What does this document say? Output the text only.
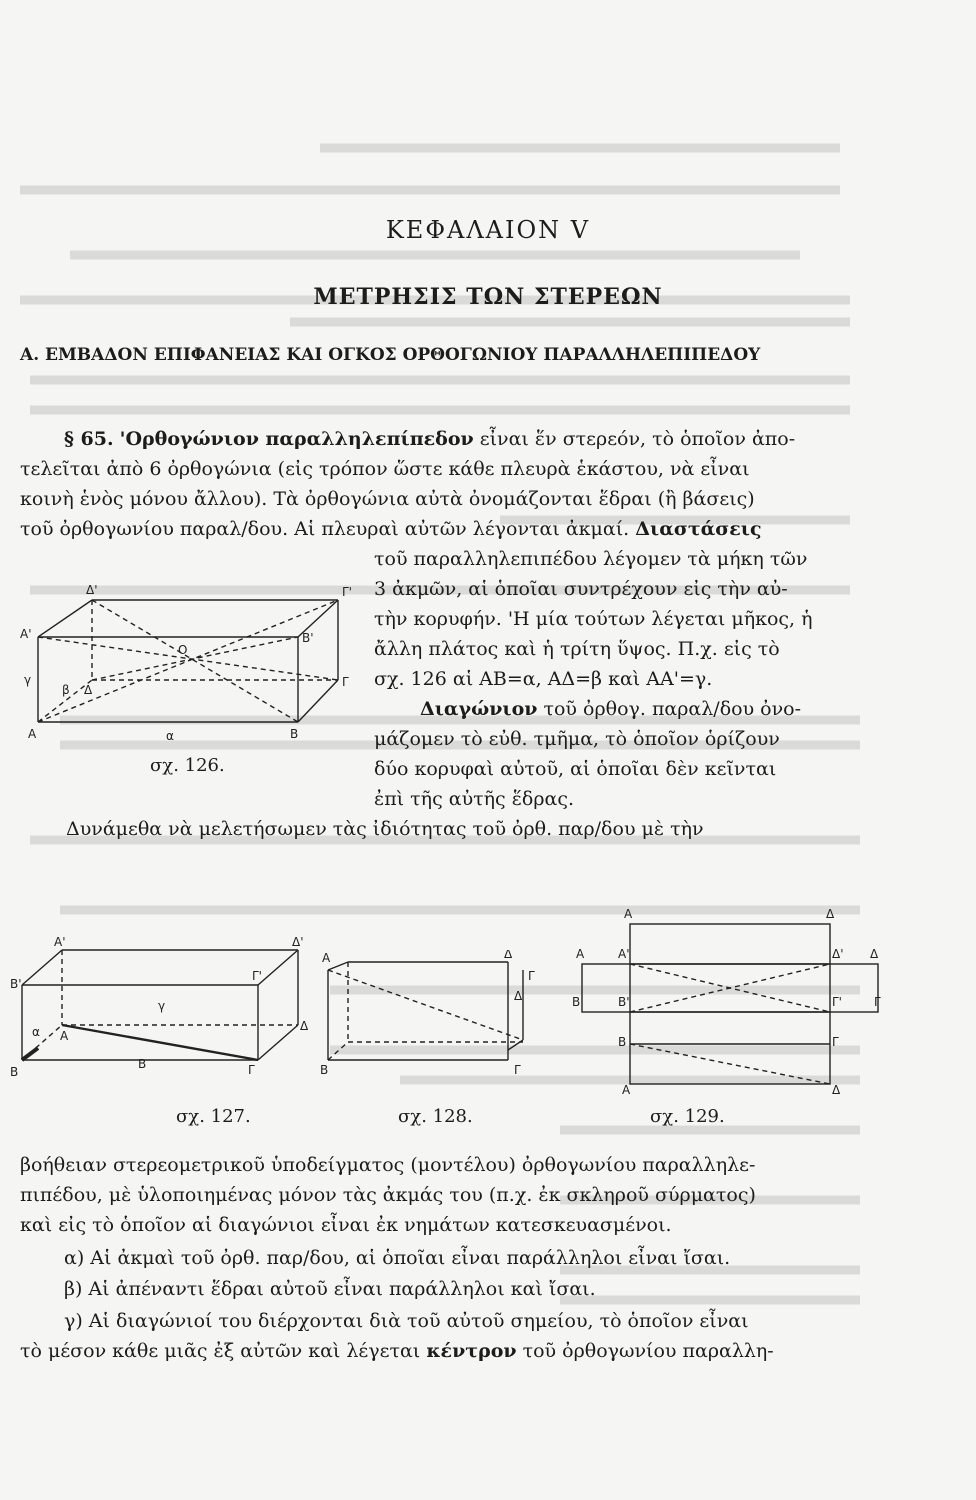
ΚΕΦΑΛΑΙΟΝ V
ΜΕΤΡΗΣΙΣ ΤΩΝ ΣΤΕΡΕΩΝ
Α. ΕΜΒΑΔΟΝ ΕΠΙΦΑΝΕΙΑΣ ΚΑΙ ΟΓΚΟΣ ΟΡΘΟΓΩΝΙΟΥ ΠΑΡΑΛΛΗΛΕΠΙΠΕΔΟΥ
§ 65. 'Ορθογώνιον παραλληλεπίπεδον εἶναι ἕν στερεόν, τὸ ὁποῖον ἀπο-
τελεῖται ἀπὸ 6 ὀρθογώνια (εἰς τρόπον ὥστε κάθε πλευρὰ ἑκάστου, νὰ εἶναι
κοινὴ ἑνὸς μόνου ἄλλου). Τὰ ὀρθογώνια αὐτὰ ὀνομάζονται ἕδραι (ἢ βάσεις)
τοῦ ὀρθογωνίου παραλ/δου. Αἱ πλευραὶ αὐτῶν λέγονται ἀκμαί. Διαστάσεις
τοῦ παραλληλεπιπέδου λέγομεν τὰ μήκη τῶν
3 ἀκμῶν, αἱ ὁποῖαι συντρέχουν εἰς τὴν αὐ-
τὴν κορυφήν. 'Η μία τούτων λέγεται μῆκος, ἡ
ἄλλη πλάτος καὶ ἡ τρίτη ὕψος. Π.χ. εἰς τὸ
σχ. 126 αἱ ΑΒ=α, ΑΔ=β καὶ ΑΑ'=γ.
Διαγώνιον τοῦ ὀρθογ. παραλ/δου ὀνο-
μάζομεν τὸ εὐθ. τμῆμα, τὸ ὁποῖον ὁρίζουν
δύο κορυφαὶ αὐτοῦ, αἱ ὁποῖαι δὲν κεῖνται
ἐπὶ τῆς αὐτῆς ἕδρας.
Δυνάμεθα νὰ μελετήσωμεν τὰς ἰδιότητας τοῦ ὀρθ. παρ/δου μὲ τὴν
Δ'	Γ'
Α'
Ο
Β'
γ
Δ
Γ
Α	α	Β
β
σχ. 126.
Α'	Δ'
Γ'
Β'
Δ
Γ
α Α
Β
Β
γ
σχ. 127.
Α	Δ
Δ
Γ
Β	Γ
σχ. 128.
Α	Δ
Α	Α'	Δ' Δ
Β	Β'	Γ'	Γ
Β	Γ
Α	Δ
σχ. 129.
βοήθειαν στερεομετρικοῦ ὑποδείγματος (μοντέλου) ὀρθογωνίου παραλληλε-
πιπέδου, μὲ ὑλοποιημένας μόνον τὰς ἀκμάς του (π.χ. ἐκ σκληροῦ σύρματος)
καὶ εἰς τὸ ὁποῖον αἱ διαγώνιοι εἶναι ἐκ νημάτων κατεσκευασμένοι.
α) Αἱ ἀκμαὶ τοῦ ὀρθ. παρ/δου, αἱ ὁποῖαι εἶναι παράλληλοι εἶναι ἴσαι.
β) Αἱ ἀπέναντι ἕδραι αὐτοῦ εἶναι παράλληλοι καὶ ἴσαι.
γ) Αἱ διαγώνιοί του διέρχονται διὰ τοῦ αὐτοῦ σημείου, τὸ ὁποῖον εἶναι
τὸ μέσον κάθε μιᾶς ἐξ αὐτῶν καὶ λέγεται κέντρον τοῦ ὀρθογωνίου παραλλη-
